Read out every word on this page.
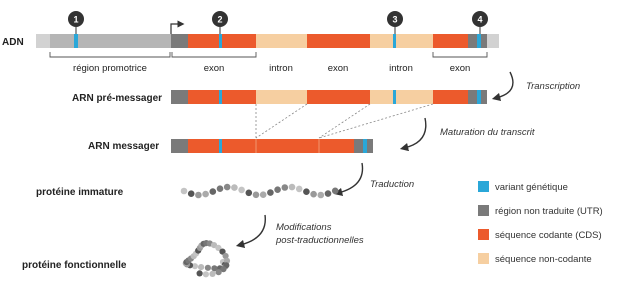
ADN
ARN pré-messager
ARN messager
protéine immature
protéine fonctionnelle
1	2	3	4
région promotrice	exon	intron	exon	intron	exon
Transcription
Maturation du transcrit
Traduction
Modifications
post-traductionnelles
variant génétique
région non traduite (UTR)
séquence codante (CDS)
séquence non-codante
